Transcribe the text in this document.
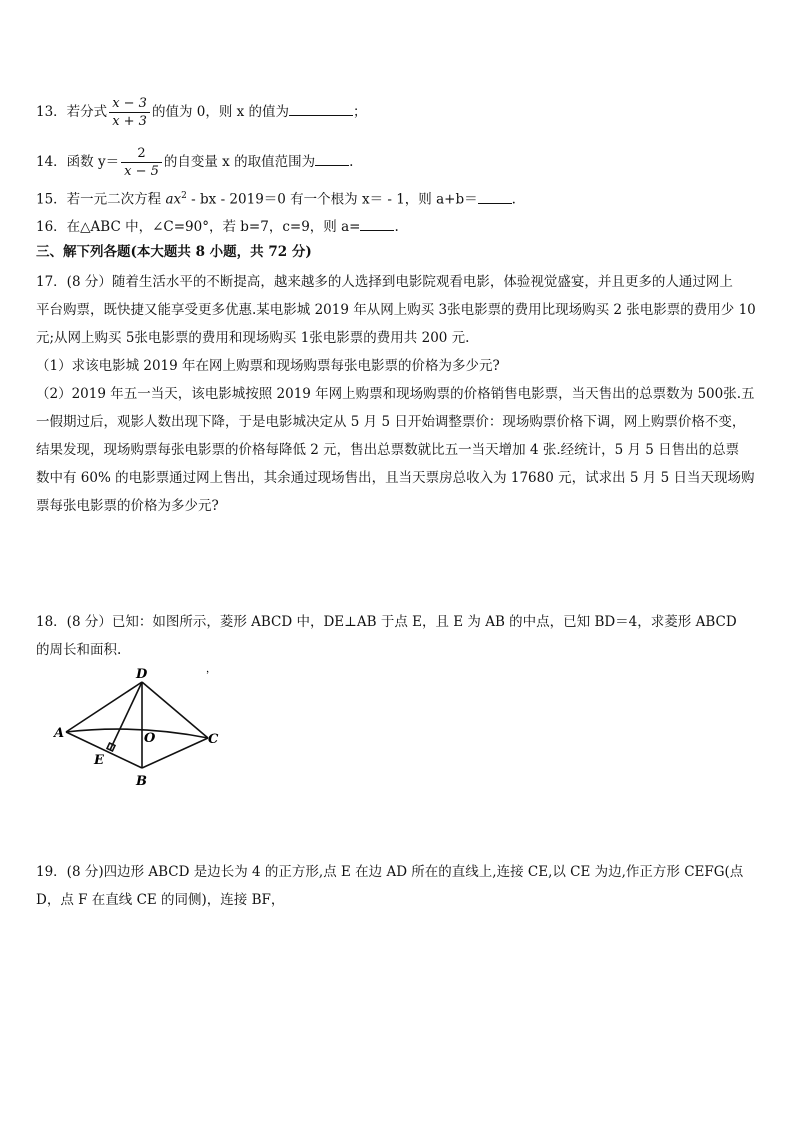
13．若分式 $\frac{x - 3}{x + 3}$ 的值为 0，则 x 的值为	；
14．函数 $y= \frac{2}{x - 5}$ 的自变量 x 的取值范围为	.
15．若一元二次方程 $ax^2$ - bx - 2019＝0 有一个根为 x＝ - 1，则 a+b＝	.
16．在△ABC 中，∠C=90°，若 b=7，c=9，则 a=	.
三、解下列各题(本大题共 8 小题，共 72 分)
17．(8 分）随着生活水平的不断提高，越来越多的人选择到电影院观看电影，体验视觉盛宴，并且更多的人通过网上
平台购票，既快捷又能享受更多优惠.某电影城 2019 年从网上购买 3张电影票的费用比现场购买 2 张电影票的费用少 10
元;从网上购买 5张电影票的费用和现场购买 1张电影票的费用共 200 元.
（1）求该电影城 2019 年在网上购票和现场购票每张电影票的价格为多少元?
（2）2019 年五一当天，该电影城按照 2019 年网上购票和现场购票的价格销售电影票，当天售出的总票数为 500张.五
一假期过后，观影人数出现下降，于是电影城决定从 5 月 5 日开始调整票价：现场购票价格下调，网上购票价格不变，
结果发现，现场购票每张电影票的价格每降低 2 元，售出总票数就比五一当天增加 4 张.经统计，5 月 5 日售出的总票
数中有 60% 的电影票通过网上售出，其余通过现场售出，且当天票房总收入为 17680 元，试求出 5 月 5 日当天现场购
票每张电影票的价格为多少元?
18．(8 分）已知：如图所示，菱形 ABCD 中，DE⊥AB 于点 E，且 E 为 AB 的中点，已知 BD＝4，求菱形 ABCD
的周长和面积.
A
D
C
B
E
O
，
19．(8 分)四边形 ABCD 是边长为 4 的正方形,点 E 在边 AD 所在的直线上,连接 CE,以 CE 为边,作正方形 CEFG(点
D，点 F 在直线 CE 的同侧)，连接 BF，
